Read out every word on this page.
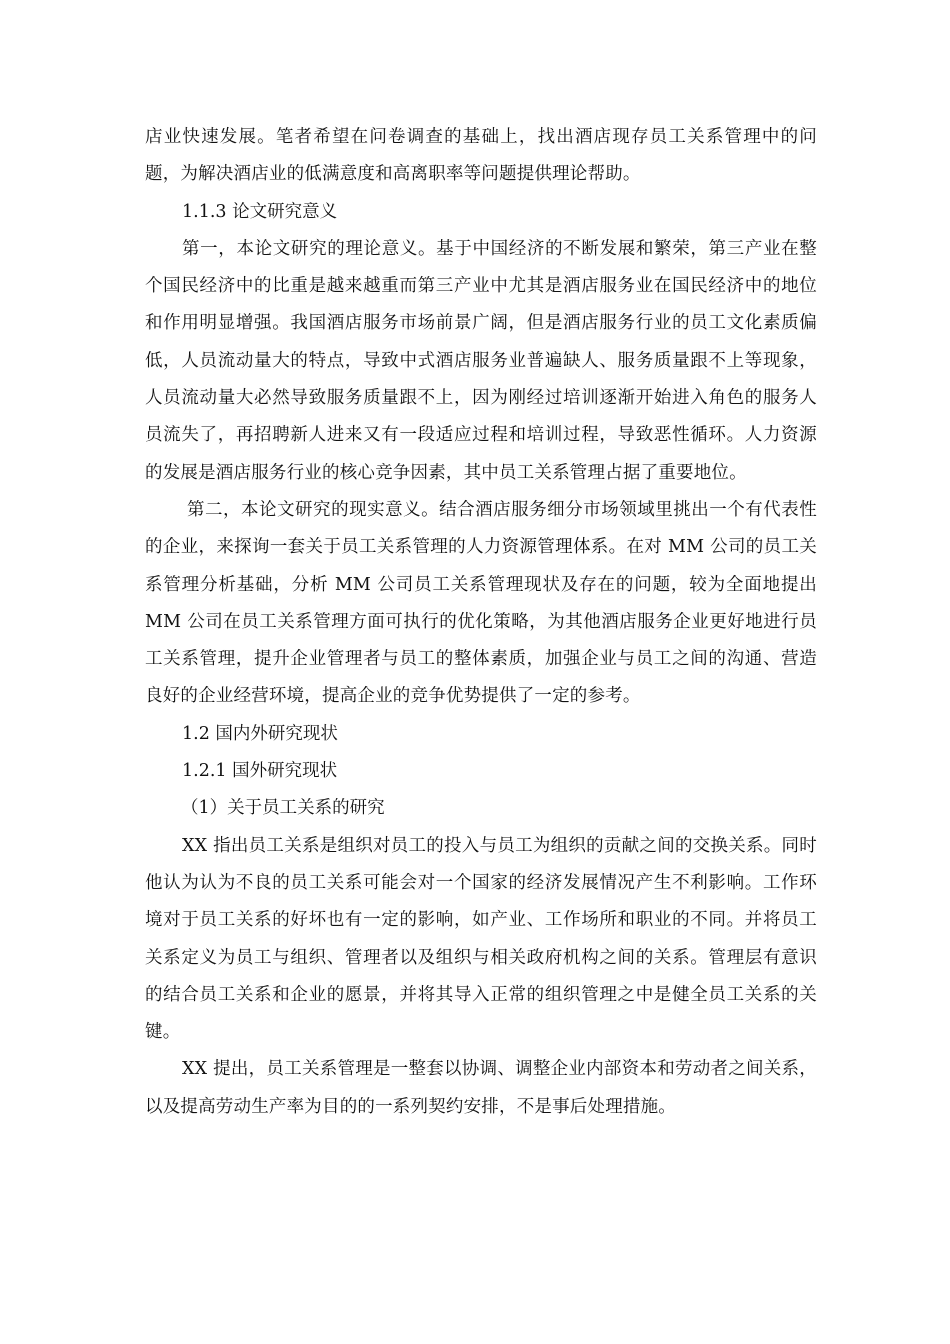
店业快速发展。笔者希望在问卷调查的基础上，找出酒店现存员工关系管理中的问题，为解决酒店业的低满意度和高离职率等问题提供理论帮助。

1.1.3 论文研究意义

第一，本论文研究的理论意义。基于中国经济的不断发展和繁荣，第三产业在整个国民经济中的比重是越来越重而第三产业中尤其是酒店服务业在国民经济中的地位和作用明显增强。我国酒店服务市场前景广阔，但是酒店服务行业的员工文化素质偏低，人员流动量大的特点，导致中式酒店服务业普遍缺人、服务质量跟不上等现象，人员流动量大必然导致服务质量跟不上，因为刚经过培训逐渐开始进入角色的服务人员流失了，再招聘新人进来又有一段适应过程和培训过程，导致恶性循环。人力资源的发展是酒店服务行业的核心竞争因素，其中员工关系管理占据了重要地位。

第二，本论文研究的现实意义。结合酒店服务细分市场领域里挑出一个有代表性的企业，来探询一套关于员工关系管理的人力资源管理体系。在对 MM 公司的员工关系管理分析基础，分析 MM 公司员工关系管理现状及存在的问题，较为全面地提出 MM 公司在员工关系管理方面可执行的优化策略，为其他酒店服务企业更好地进行员工关系管理，提升企业管理者与员工的整体素质，加强企业与员工之间的沟通、营造良好的企业经营环境，提高企业的竞争优势提供了一定的参考。

1.2 国内外研究现状

1.2.1 国外研究现状

（1）关于员工关系的研究

XX 指出员工关系是组织对员工的投入与员工为组织的贡献之间的交换关系。同时他认为认为不良的员工关系可能会对一个国家的经济发展情况产生不利影响。工作环境对于员工关系的好坏也有一定的影响，如产业、工作场所和职业的不同。并将员工关系定义为员工与组织、管理者以及组织与相关政府机构之间的关系。管理层有意识的结合员工关系和企业的愿景，并将其导入正常的组织管理之中是健全员工关系的关键。

XX 提出，员工关系管理是一整套以协调、调整企业内部资本和劳动者之间关系，以及提高劳动生产率为目的的一系列契约安排，不是事后处理措施。
